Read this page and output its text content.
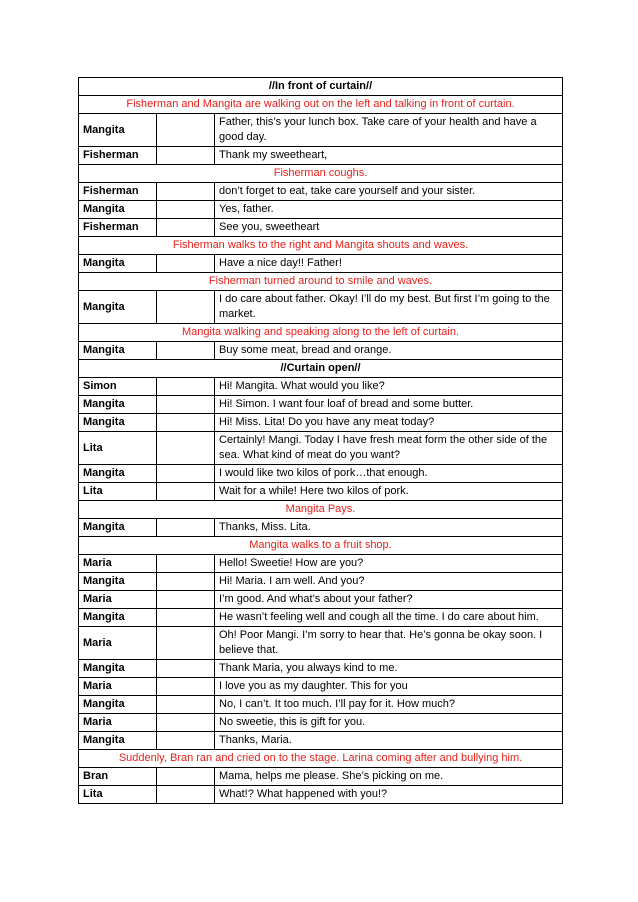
//In front of curtain//		
Fisherman and Mangita are walking out on the left and talking in front of curtain.		
Mangita		Father, this’s your lunch box. Take care of your health and have a good day.
Fisherman		Thank my sweetheart,
Fisherman coughs.		
Fisherman		don’t forget to eat, take care yourself and your sister.
Mangita		Yes, father.
Fisherman		See you, sweetheart
Fisherman walks to the right and Mangita shouts and waves.		
Mangita		Have a nice day!! Father!
Fisherman turned around to smile and waves.		
Mangita		I do care about father. Okay! I’ll do my best. But first I’m going to the market.
Mangita walking and speaking along to the left of curtain.		
Mangita		Buy some meat, bread and orange.
//Curtain open//		
Simon		Hi! Mangita. What would you like?
Mangita		Hi! Simon. I want four loaf of bread and some butter.
Mangita		Hi! Miss. Lita! Do you have any meat today?
Lita		Certainly! Mangi. Today I have fresh meat form the other side of the sea. What kind of meat do you want?
Mangita		I would like two kilos of pork…that enough.
Lita		Wait for a while! Here two kilos of pork.
Mangita Pays.		
Mangita		Thanks, Miss. Lita.
Mangita walks to a fruit shop.		
Maria		Hello! Sweetie! How are you?
Mangita		Hi! Maria. I am well. And you?
Maria		I’m good. And what’s about your father?
Mangita		He wasn’t feeling well and cough all the time. I do care about him.
Maria		Oh! Poor Mangi. I’m sorry to hear that. He’s gonna be okay soon. I believe that.
Mangita		Thank Maria, you always kind to me.
Maria		I love you as my daughter. This for you
Mangita		No, I can’t. It too much. I’ll pay for it. How much?
Maria		No sweetie, this is gift for you.
Mangita		Thanks, Maria.
Suddenly, Bran ran and cried on to the stage. Larina coming after and bullying him.		
Bran		Mama, helps me please. She’s picking on me.
Lita		What!? What happened with you!?
